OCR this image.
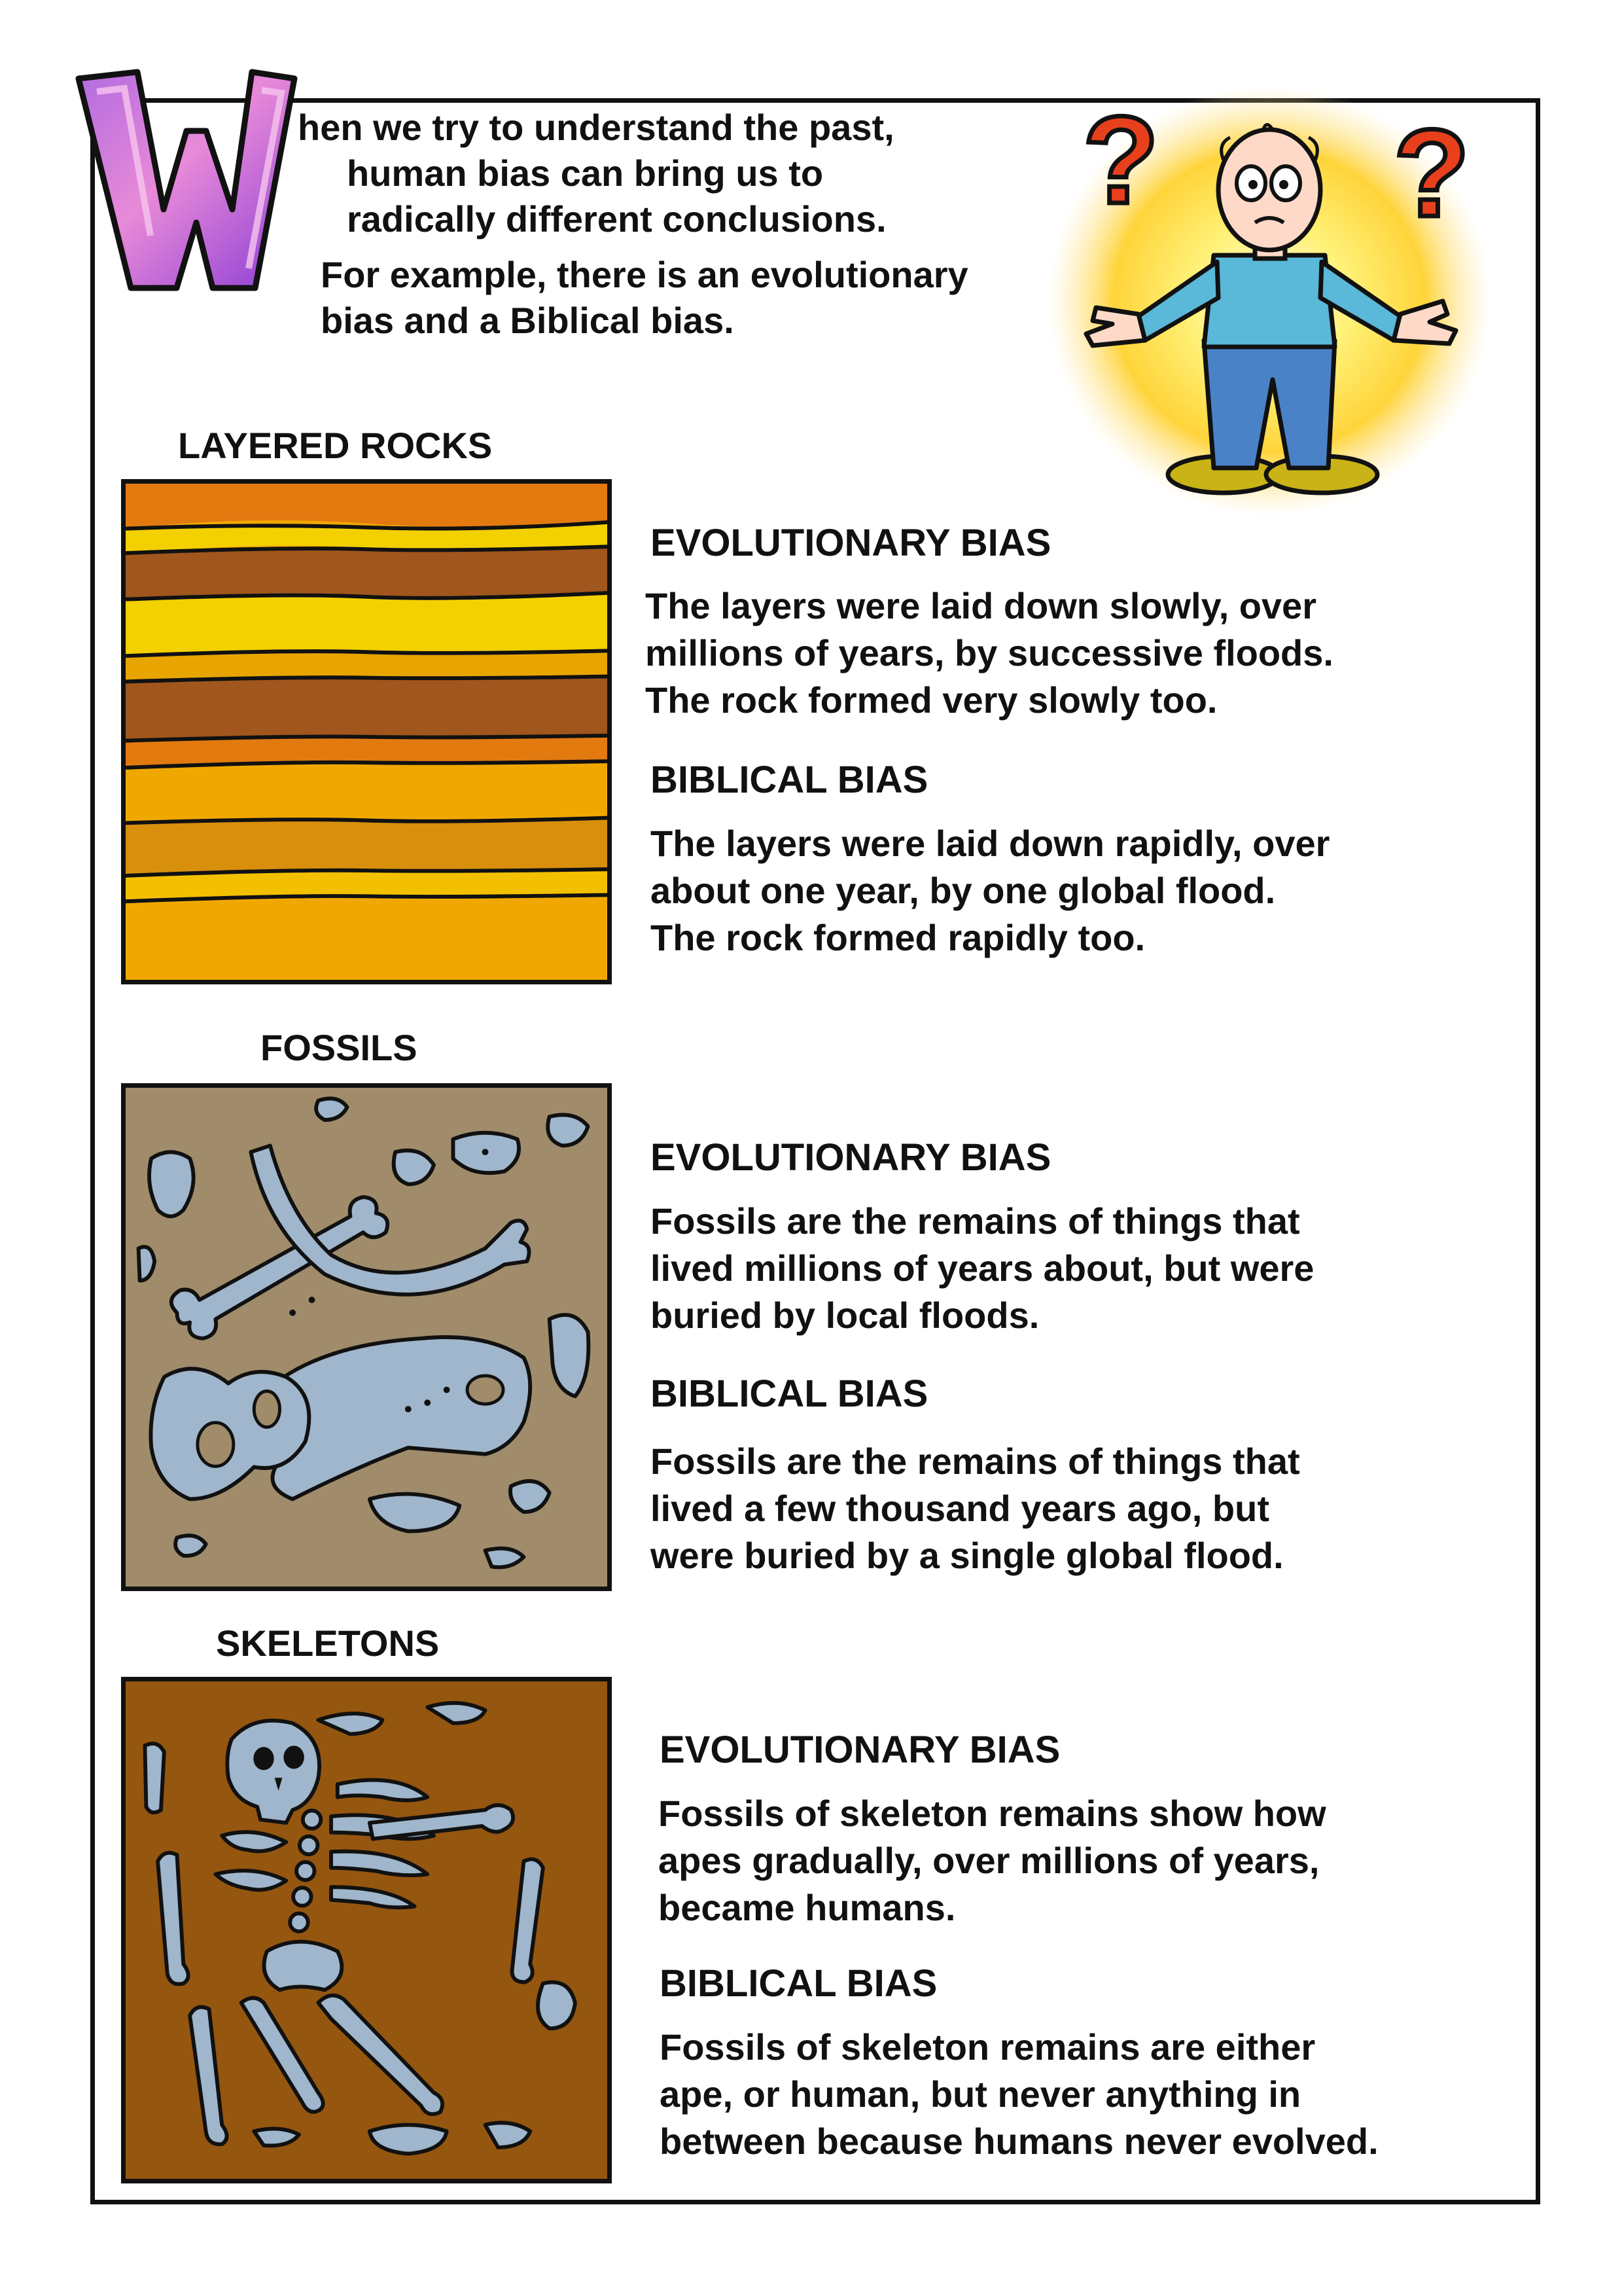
hen we try to understand the past,
human bias can bring us to
radically different conclusions.
For example, there is an evolutionary
bias and a Biblical bias.
? ?
LAYERED ROCKS
EVOLUTIONARY BIAS
The layers were laid down slowly, over
millions of years, by successive floods.
The rock formed very slowly too.
BIBLICAL BIAS
The layers were laid down rapidly, over
about one year, by one global flood.
The rock formed rapidly too.
FOSSILS
EVOLUTIONARY BIAS
Fossils are the remains of things that
lived millions of years about, but were
buried by local floods.
BIBLICAL BIAS
Fossils are the remains of things that
lived a few thousand years ago, but
were buried by a single global flood.
SKELETONS
EVOLUTIONARY BIAS
Fossils of skeleton remains show how
apes gradually, over millions of years,
became humans.
BIBLICAL BIAS
Fossils of skeleton remains are either
ape, or human, but never anything in
between because humans never evolved.
